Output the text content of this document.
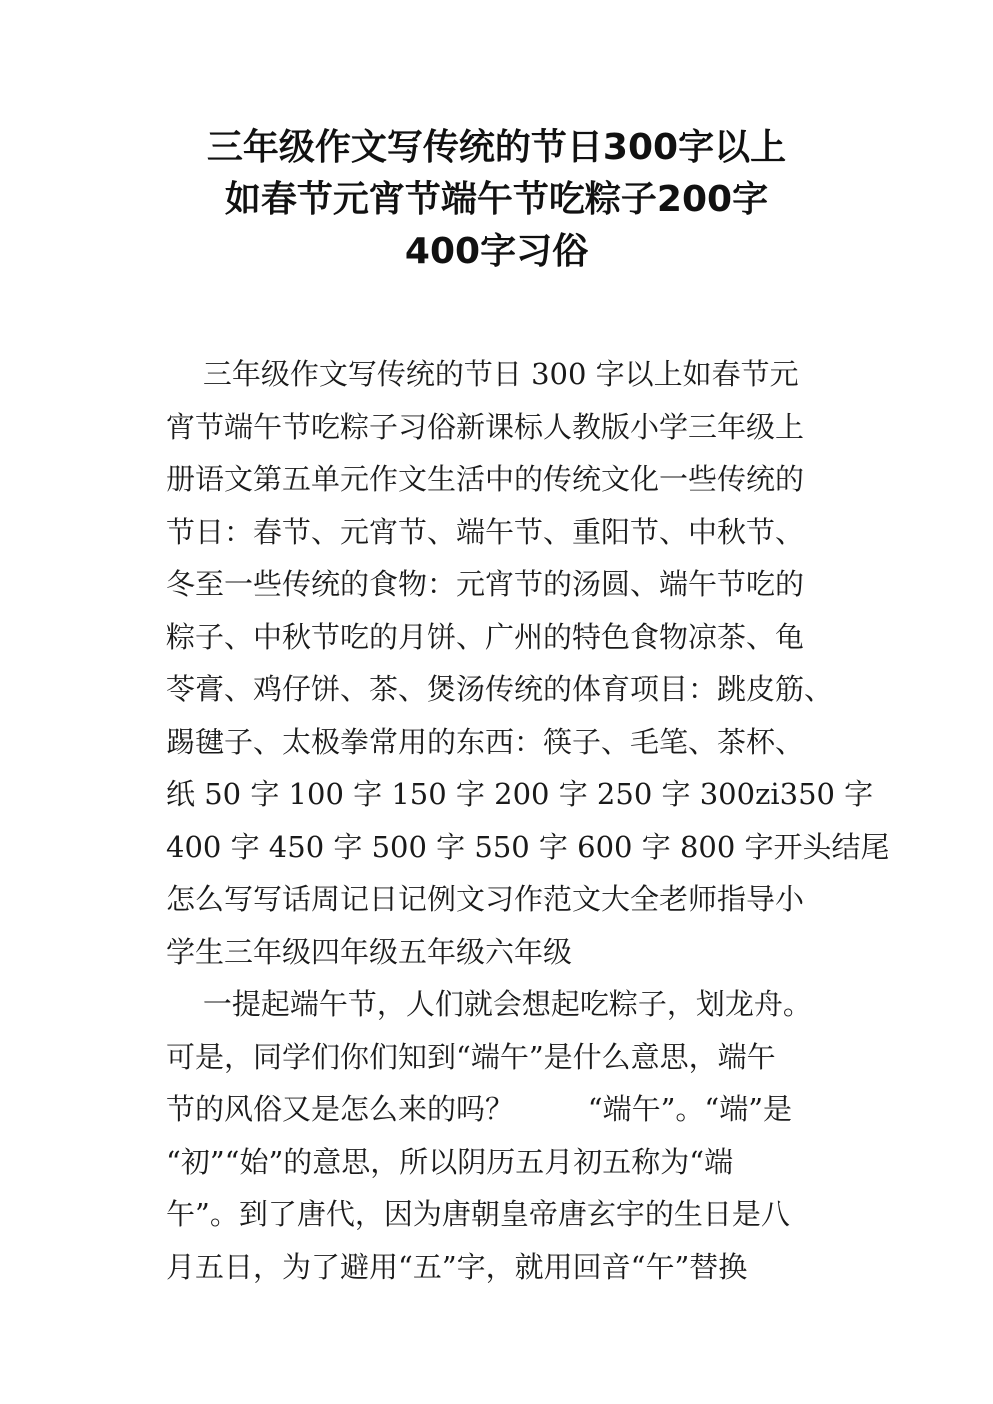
三年级作文写传统的节日300字以上
如春节元宵节端午节吃粽子200字
400字习俗
三年级作文写传统的节日 300 字以上如春节元
宵节端午节吃粽子习俗新课标人教版小学三年级上
册语文第五单元作文生活中的传统文化一些传统的
节日：春节、元宵节、端午节、重阳节、中秋节、
冬至一些传统的食物：元宵节的汤圆、端午节吃的
粽子、中秋节吃的月饼、广州的特色食物凉茶、龟
苓膏、鸡仔饼、茶、煲汤传统的体育项目：跳皮筋、
踢毽子、太极拳常用的东西：筷子、毛笔、茶杯、
纸 50 字 100 字 150 字 200 字 250 字 300zi350 字
400 字 450 字 500 字 550 字 600 字 800 字开头结尾
怎么写写话周记日记例文习作范文大全老师指导小
学生三年级四年级五年级六年级
一提起端午节，人们就会想起吃粽子，划龙舟。
可是，同学们你们知到“端午”是什么意思，端午
节的风俗又是怎么来的吗？        “端午”。“端”是
“初”“始”的意思，所以阴历五月初五称为“端
午”。到了唐代，因为唐朝皇帝唐玄宇的生日是八
月五日，为了避用“五”字，就用回音“午”替换
